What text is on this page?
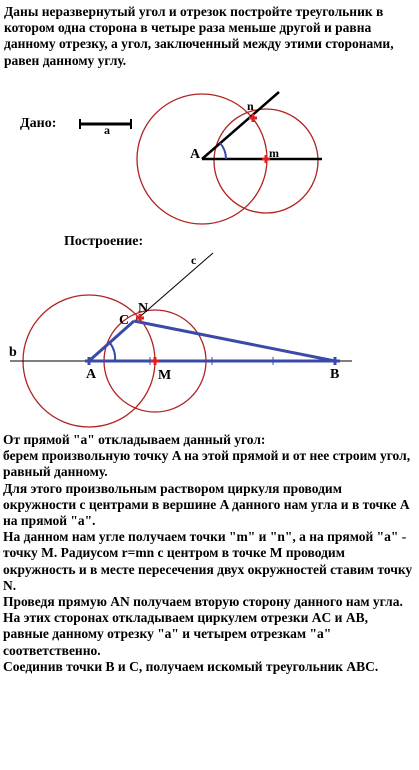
Даны неразвернутый угол и отрезок постройте треугольник в котором одна сторона в четыре раза меньше другой и равна данному отрезку, а угол, заключенный между этими сторонами, равен данному углу.
Дано:
Построение:
a
A
n
m
c
b
N
C
A	M	B

От прямой "a" откладываем данный угол:

берем произвольную точку A на этой прямой и от нее строим угол, равный данному.

Для этого произвольным раствором циркуля проводим окружности с центрами в вершине A данного нам угла и в точке A на прямой "a".

На данном нам угле получаем точки "m" и "n", а на прямой "a" - точку M. Радиусом r=mn с центром в точке M проводим окружность и в месте пересечения двух окружностей ставим точку N.

Проведя прямую AN получаем вторую сторону данного нам угла.

На этих сторонах откладываем циркулем отрезки AC и AB, равные данному отрезку "a" и четырем отрезкам "a" соответственно.

Соединив точки B и C, получаем искомый треугольник ABC.
